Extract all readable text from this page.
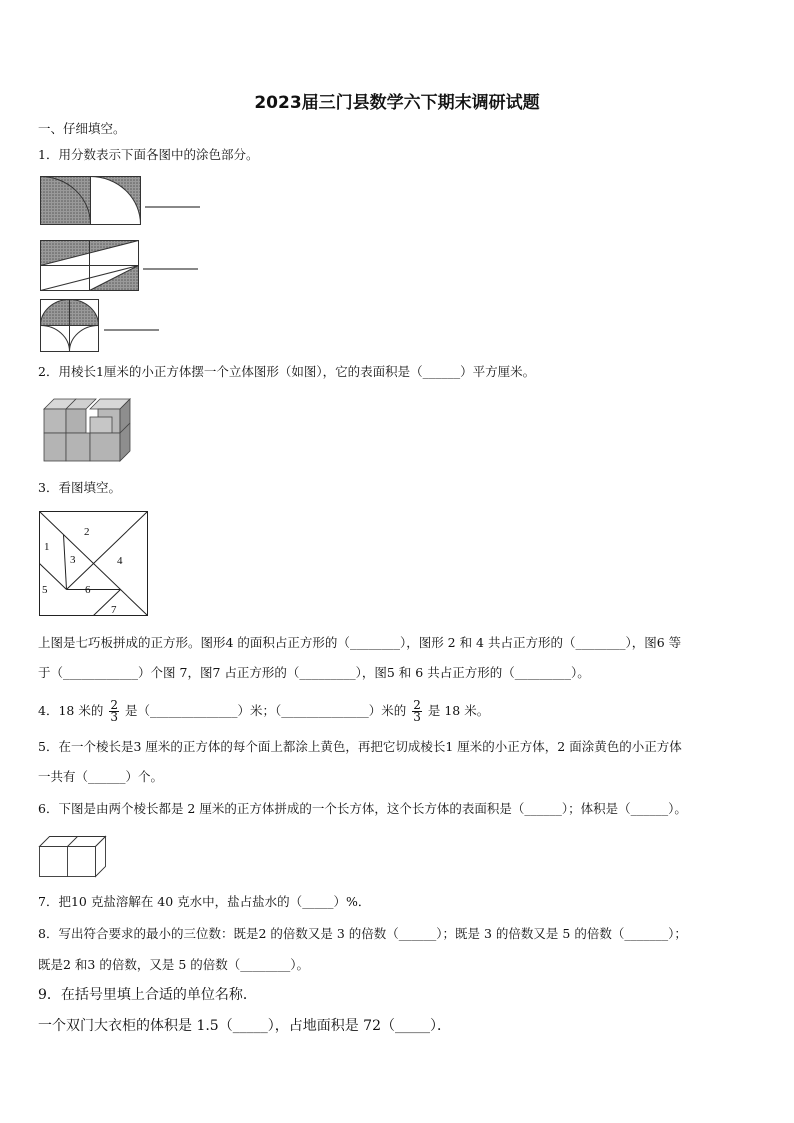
2023届三门县数学六下期末调研试题
一、仔细填空。
1．用分数表示下面各图中的涂色部分。
2．用棱长1厘米的小正方体摆一个立体图形（如图），它的表面积是（______）平方厘米。
3．看图填空。
1
2
3	4
5	6
7
上图是七巧板拼成的正方形。图形4 的面积占正方形的（________），图形 2 和 4 共占正方形的（________），图6 等
于（____________）个图 7，图7 占正方形的（_________），图5 和 6 共占正方形的（_________）。
4．18 米的 $\frac{2}{3}$ 是（______________）米；（______________）米的 $\frac{2}{3}$ 是 18 米。
5．在一个棱长是3 厘米的正方体的每个面上都涂上黄色，再把它切成棱长1 厘米的小正方体，2 面涂黄色的小正方体
一共有（______）个。
6．下图是由两个棱长都是 2 厘米的正方体拼成的一个长方体，这个长方体的表面积是（______）；体积是（______）。
7．把10 克盐溶解在 40 克水中，盐占盐水的（_____）%．
8．写出符合要求的最小的三位数：既是2 的倍数又是 3 的倍数（______）；既是 3 的倍数又是 5 的倍数（_______）；
既是2 和3 的倍数，又是 5 的倍数（________）。
9．在括号里填上合适的单位名称．
一个双门大衣柜的体积是 1.5（_____），占地面积是 72（_____）．
